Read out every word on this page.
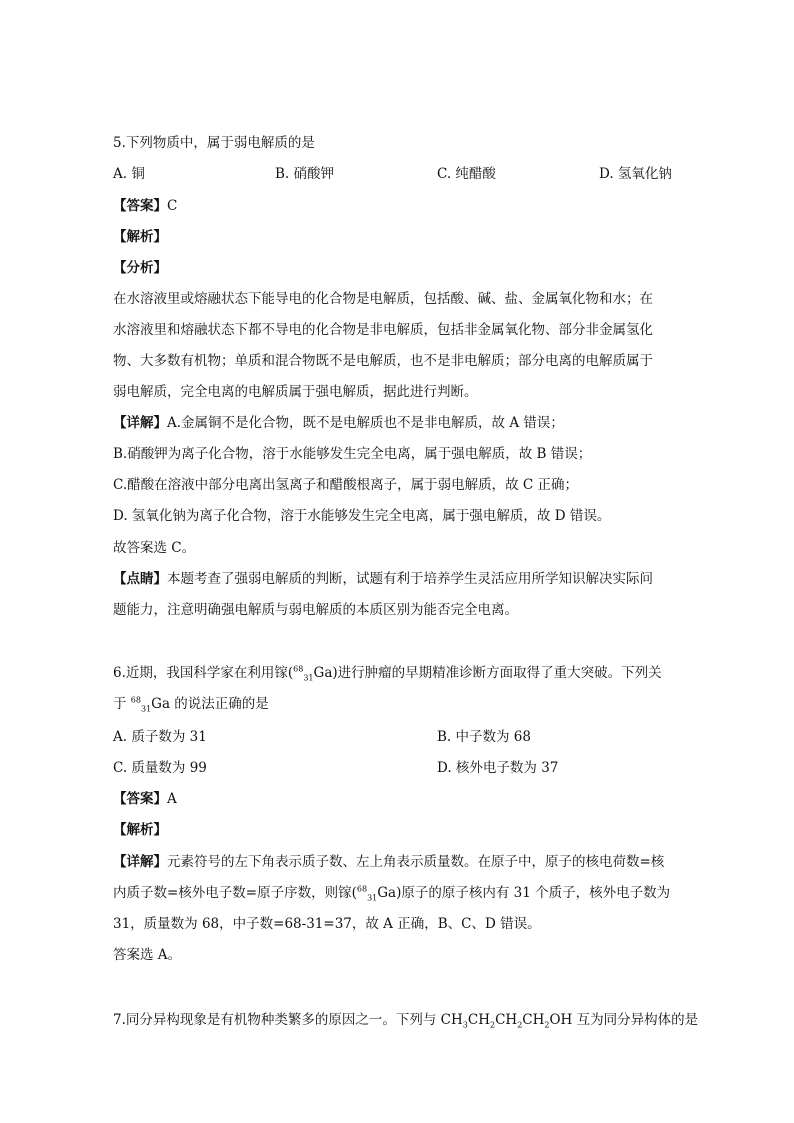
5.下列物质中，属于弱电解质的是
A. 铜	B. 硝酸钾	C. 纯醋酸	D. 氢氧化钠
【答案】C
【解析】
【分析】
在水溶液里或熔融状态下能导电的化合物是电解质，包括酸、碱、盐、金属氧化物和水；在
水溶液里和熔融状态下都不导电的化合物是非电解质，包括非金属氧化物、部分非金属氢化
物、大多数有机物；单质和混合物既不是电解质，也不是非电解质；部分电离的电解质属于
弱电解质，完全电离的电解质属于强电解质，据此进行判断。
【详解】A.金属铜不是化合物，既不是电解质也不是非电解质，故 A 错误；
B.硝酸钾为离子化合物，溶于水能够发生完全电离，属于强电解质，故 B 错误；
C.醋酸在溶液中部分电离出氢离子和醋酸根离子，属于弱电解质，故 C 正确；
D. 氢氧化钠为离子化合物，溶于水能够发生完全电离，属于强电解质，故 D 错误。
故答案选 C。
【点睛】本题考查了强弱电解质的判断，试题有利于培养学生灵活应用所学知识解决实际问
题能力，注意明确强电解质与弱电解质的本质区别为能否完全电离。
6.近期，我国科学家在利用镓($^{68}_{31}$Ga)进行肿瘤的早期精准诊断方面取得了重大突破。下列关
于 $^{68}_{31}$Ga 的说法正确的是
A. 质子数为 31	B. 中子数为 68
C. 质量数为 99	D. 核外电子数为 37
【答案】A
【解析】
【详解】元素符号的左下角表示质子数、左上角表示质量数。在原子中，原子的核电荷数=核
内质子数=核外电子数=原子序数，则镓($^{68}_{31}$Ga)原子的原子核内有 31 个质子，核外电子数为
31，质量数为 68，中子数=68-31=37，故 A 正确，B、C、D 错误。
答案选 A。
7.同分异构现象是有机物种类繁多的原因之一。下列与 $CH_3CH_2CH_2CH_2OH$ 互为同分异构体的是
